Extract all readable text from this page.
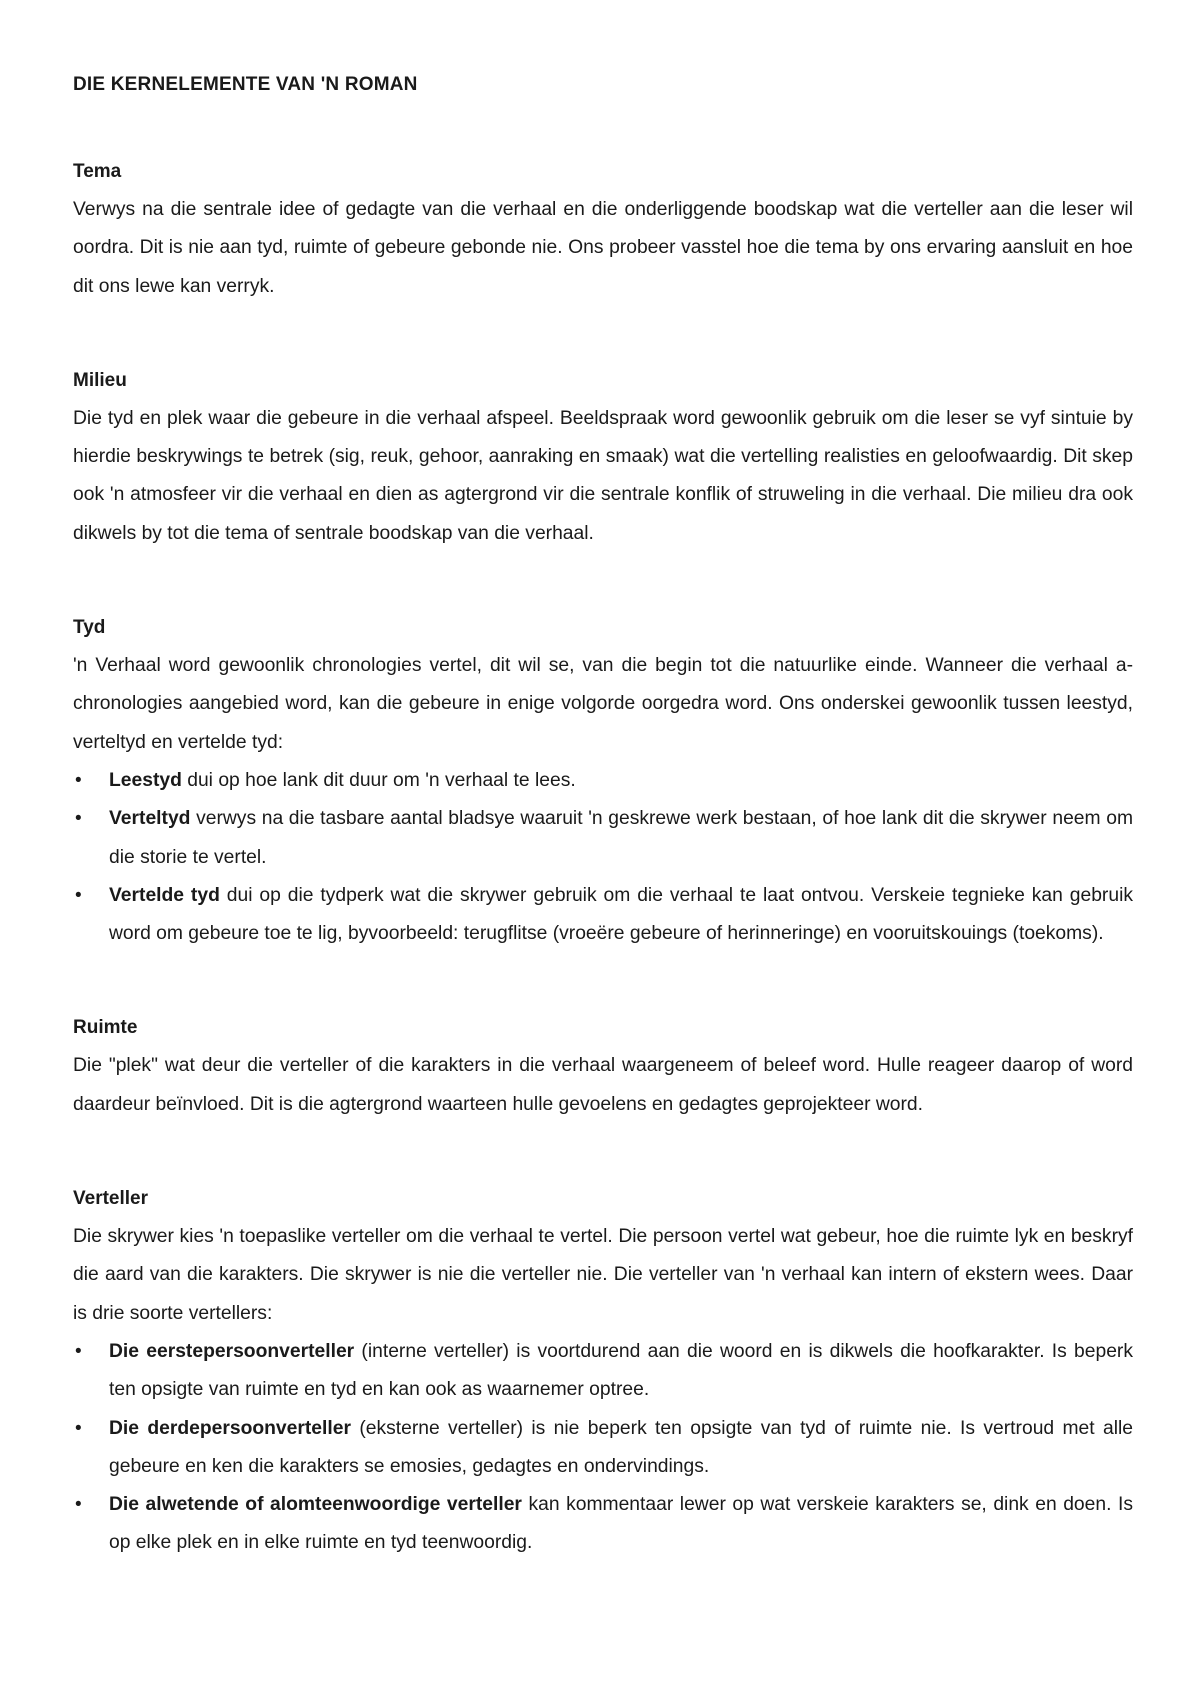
DIE KERNELEMENTE VAN 'N ROMAN
Tema

Verwys na die sentrale idee of gedagte van die verhaal en die onderliggende boodskap wat die verteller aan die leser wil oordra. Dit is nie aan tyd, ruimte of gebeure gebonde nie. Ons probeer vasstel hoe die tema by ons ervaring aansluit en hoe dit ons lewe kan verryk.

Milieu

Die tyd en plek waar die gebeure in die verhaal afspeel. Beeldspraak word gewoonlik gebruik om die leser se vyf sintuie by hierdie beskrywings te betrek (sig, reuk, gehoor, aanraking en smaak) wat die vertelling realisties en geloofwaardig. Dit skep ook 'n atmosfeer vir die verhaal en dien as agtergrond vir die sentrale konflik of struweling in die verhaal. Die milieu dra ook dikwels by tot die tema of sentrale boodskap van die verhaal.

Tyd

'n Verhaal word gewoonlik chronologies vertel, dit wil se, van die begin tot die natuurlike einde. Wanneer die verhaal a-chronologies aangebied word, kan die gebeure in enige volgorde oorgedra word. Ons onderskei gewoonlik tussen leestyd, verteltyd en vertelde tyd:

• Leestyd dui op hoe lank dit duur om 'n verhaal te lees.
• Verteltyd verwys na die tasbare aantal bladsye waaruit 'n geskrewe werk bestaan, of hoe lank dit die skrywer neem om die storie te vertel.
• Vertelde tyd dui op die tydperk wat die skrywer gebruik om die verhaal te laat ontvou. Verskeie tegnieke kan gebruik word om gebeure toe te lig, byvoorbeeld: terugflitse (vroeëre gebeure of herinneringe) en vooruitskouings (toekoms).
Ruimte

Die "plek" wat deur die verteller of die karakters in die verhaal waargeneem of beleef word. Hulle reageer daarop of word daardeur beïnvloed. Dit is die agtergrond waarteen hulle gevoelens en gedagtes geprojekteer word.

Verteller

Die skrywer kies 'n toepaslike verteller om die verhaal te vertel. Die persoon vertel wat gebeur, hoe die ruimte lyk en beskryf die aard van die karakters. Die skrywer is nie die verteller nie. Die verteller van 'n verhaal kan intern of ekstern wees. Daar is drie soorte vertellers:

• Die eerstepersoonverteller (interne verteller) is voortdurend aan die woord en is dikwels die hoofkarakter. Is beperk ten opsigte van ruimte en tyd en kan ook as waarnemer optree.
• Die derdepersoonverteller (eksterne verteller) is nie beperk ten opsigte van tyd of ruimte nie. Is vertroud met alle gebeure en ken die karakters se emosies, gedagtes en ondervindings.
• Die alwetende of alomteenwoordige verteller kan kommentaar lewer op wat verskeie karakters se, dink en doen. Is op elke plek en in elke ruimte en tyd teenwoordig.
